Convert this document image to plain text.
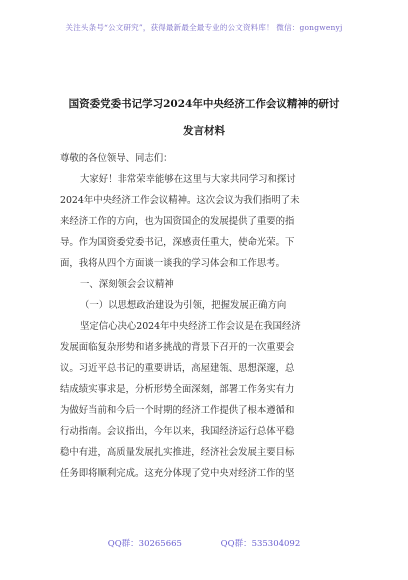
关注头条号“公文研究”，获得最新最全最专业的公文资料库！ 微信：gongwenyj
国资委党委书记学习2024年中央经济工作会议精神的研讨
发言材料
尊敬的各位领导、同志们：
大家好！非常荣幸能够在这里与大家共同学习和探讨
2024年中央经济工作会议精神。这次会议为我们指明了未
来经济工作的方向，也为国资国企的发展提供了重要的指
导。作为国资委党委书记，深感责任重大，使命光荣。下
面，我将从四个方面谈一谈我的学习体会和工作思考。
一、深刻领会会议精神
（一）以思想政治建设为引领，把握发展正确方向
坚定信心决心2024年中央经济工作会议是在我国经济
发展面临复杂形势和诸多挑战的背景下召开的一次重要会
议。习近平总书记的重要讲话，高屋建瓴、思想深邃，总
结成绩实事求是，分析形势全面深刻，部署工作务实有力
为做好当前和今后一个时期的经济工作提供了根本遵循和
行动指南。会议指出，今年以来，我国经济运行总体平稳
稳中有进，高质量发展扎实推进，经济社会发展主要目标
任务即将顺利完成。这充分体现了党中央对经济工作的坚
QQ群：30265665	QQ群：535304092
